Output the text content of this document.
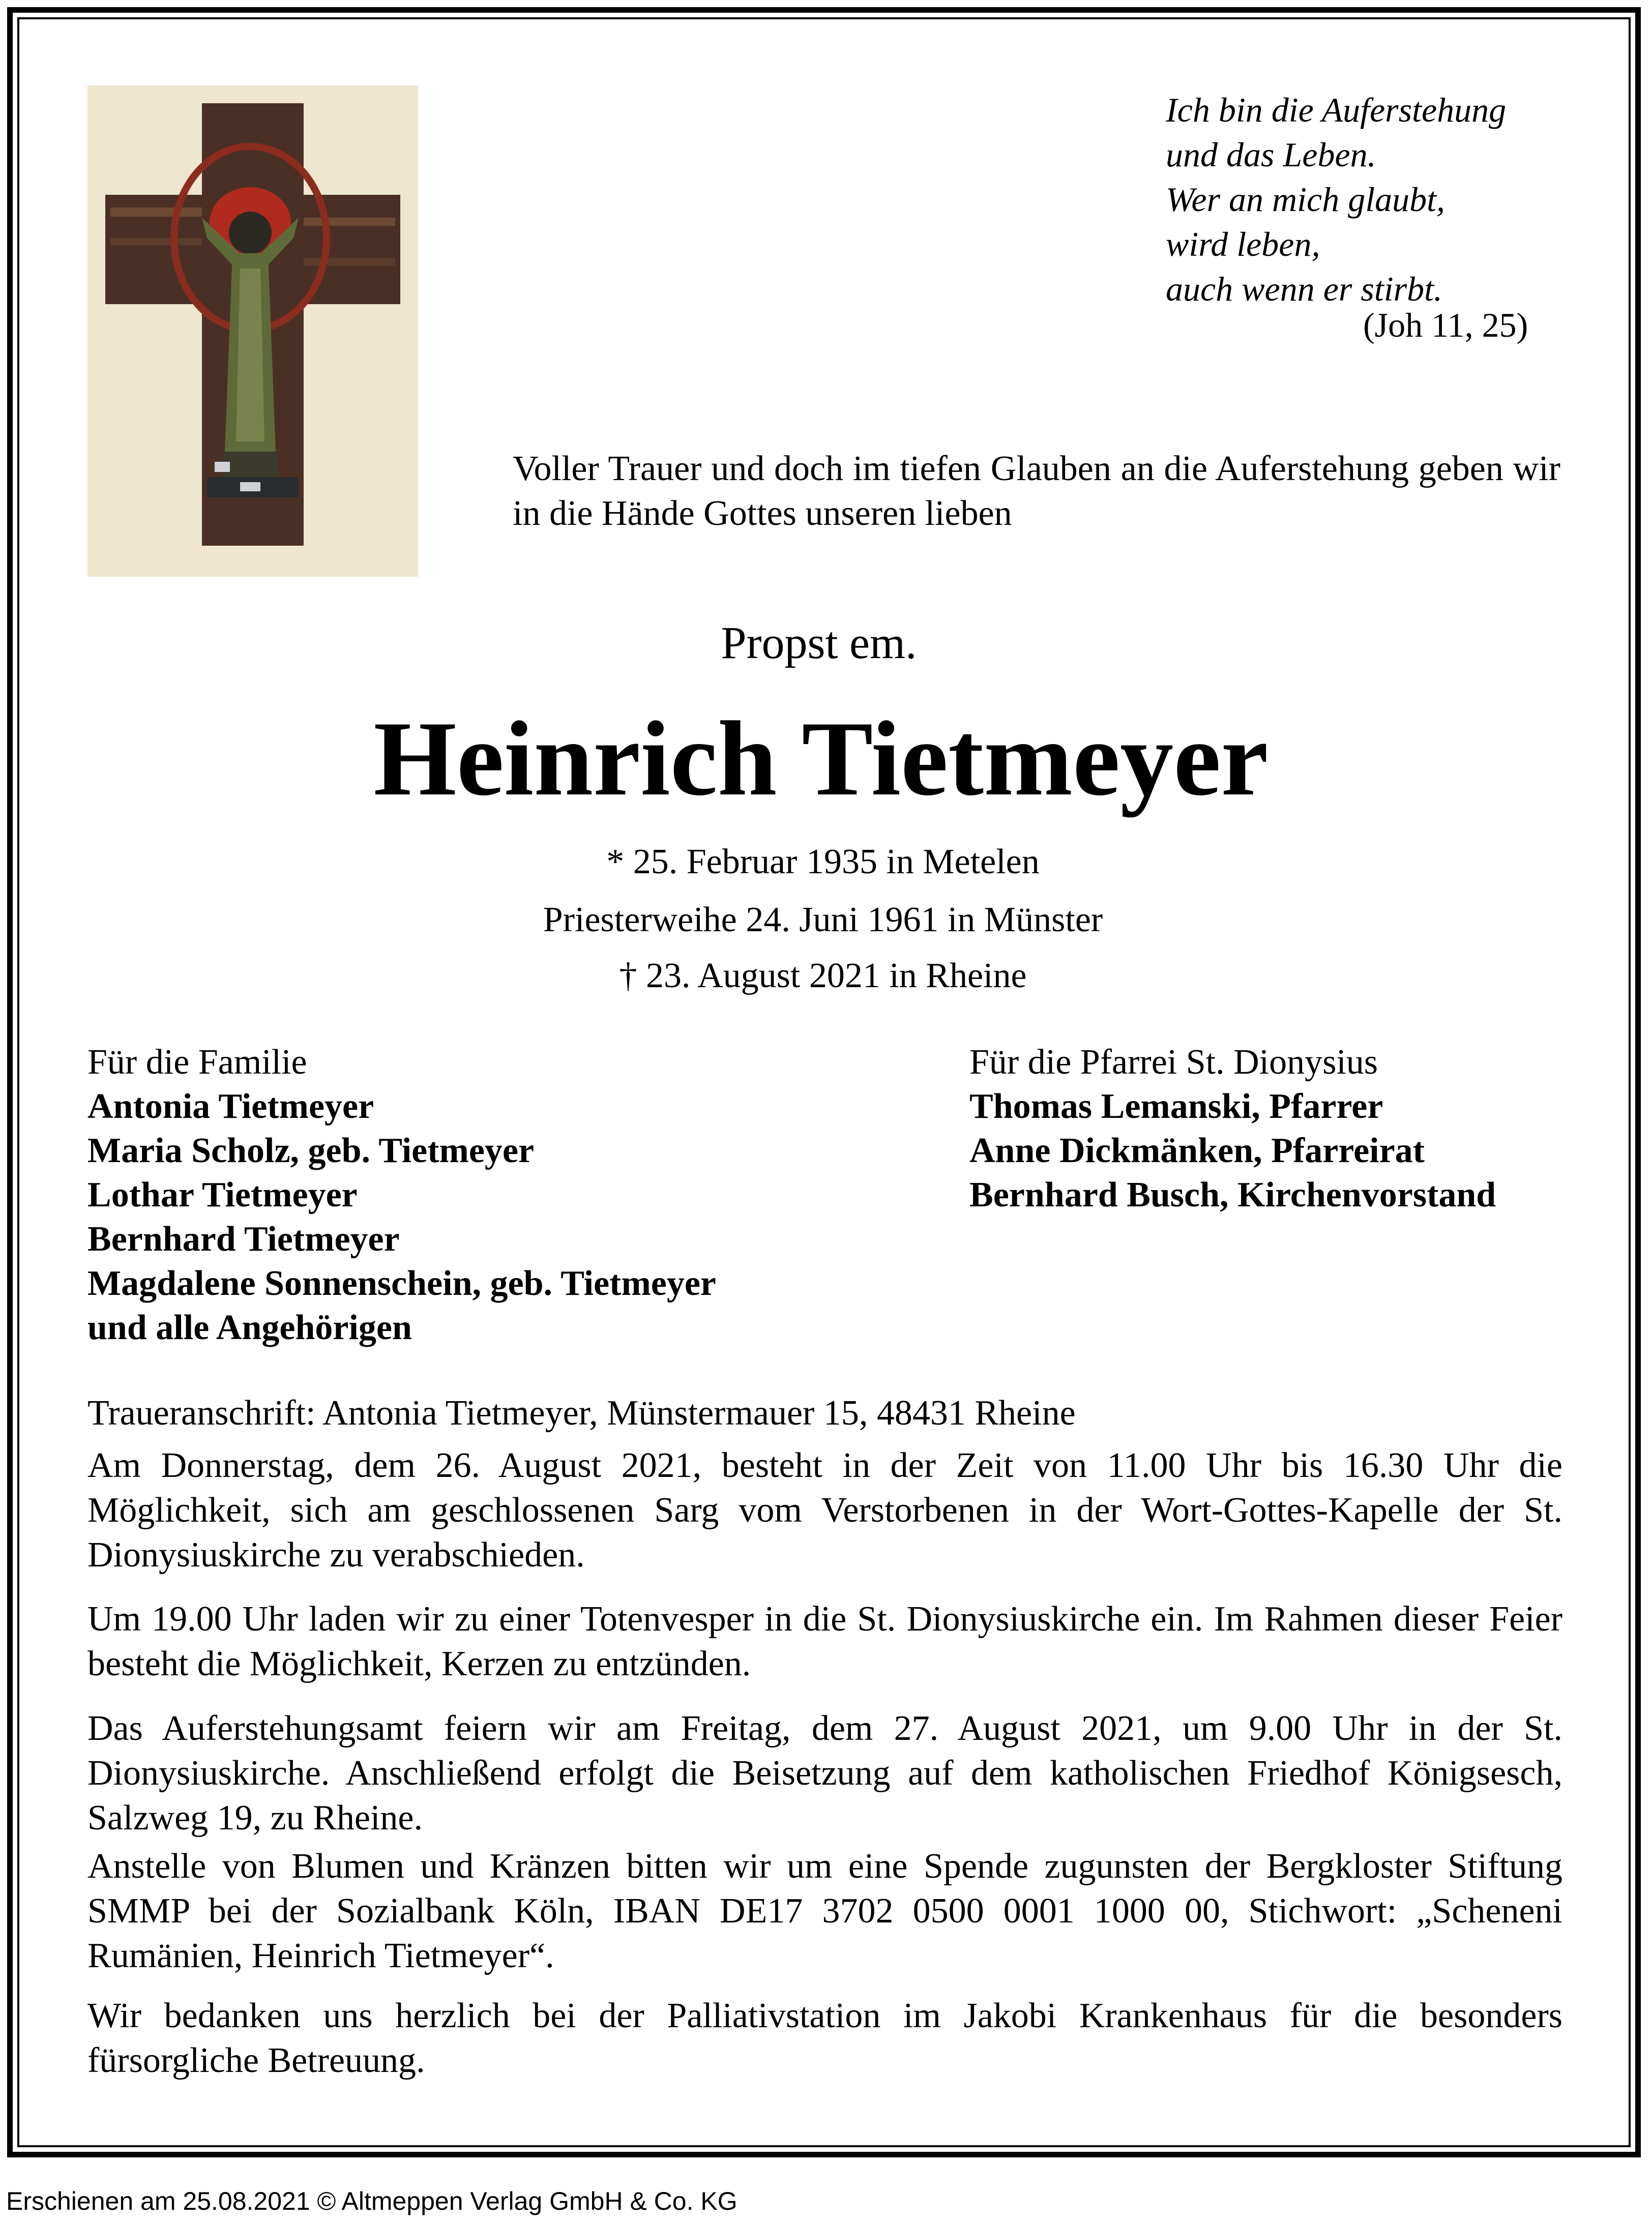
Ich bin die Auferstehung
und das Leben.
Wer an mich glaubt,
wird leben,
auch wenn er stirbt.
(Joh 11, 25)
Voller Trauer und doch im tiefen Glauben an die Auferstehung geben wir in die Hände Gottes unseren lieben
Propst em.
Heinrich Tietmeyer
* 25. Februar 1935 in Metelen
Priesterweihe 24. Juni 1961 in Münster
† 23. August 2021 in Rheine
Für die Familie
Antonia Tietmeyer
Maria Scholz, geb. Tietmeyer
Lothar Tietmeyer
Bernhard Tietmeyer
Magdalene Sonnenschein, geb. Tietmeyer
und alle Angehörigen
Für die Pfarrei St. Dionysius
Thomas Lemanski, Pfarrer
Anne Dickmänken, Pfarreirat
Bernhard Busch, Kirchenvorstand
Traueranschrift: Antonia Tietmeyer, Münstermauer 15, 48431 Rheine
Am Donnerstag, dem 26. August 2021, besteht in der Zeit von 11.00 Uhr bis 16.30 Uhr die Möglichkeit, sich am geschlossenen Sarg vom Verstorbenen in der Wort-Gottes-Kapelle der St. Dionysiuskirche zu verabschieden.
Um 19.00 Uhr laden wir zu einer Totenvesper in die St. Dionysiuskirche ein. Im Rahmen dieser Feier besteht die Möglichkeit, Kerzen zu entzünden.
Das Auferstehungsamt feiern wir am Freitag, dem 27. August 2021, um 9.00 Uhr in der St. Dionysiuskirche. Anschließend erfolgt die Beisetzung auf dem katholischen Friedhof Königsesch, Salzweg 19, zu Rheine.
Anstelle von Blumen und Kränzen bitten wir um eine Spende zugunsten der Bergkloster Stiftung SMMP bei der Sozialbank Köln, IBAN DE17 3702 0500 0001 1000 00, Stichwort: „Scheneni Rumänien, Heinrich Tietmeyer“.
Wir bedanken uns herzlich bei der Palliativstation im Jakobi Krankenhaus für die besonders fürsorgliche Betreuung.
Erschienen am 25.08.2021 © Altmeppen Verlag GmbH & Co. KG
